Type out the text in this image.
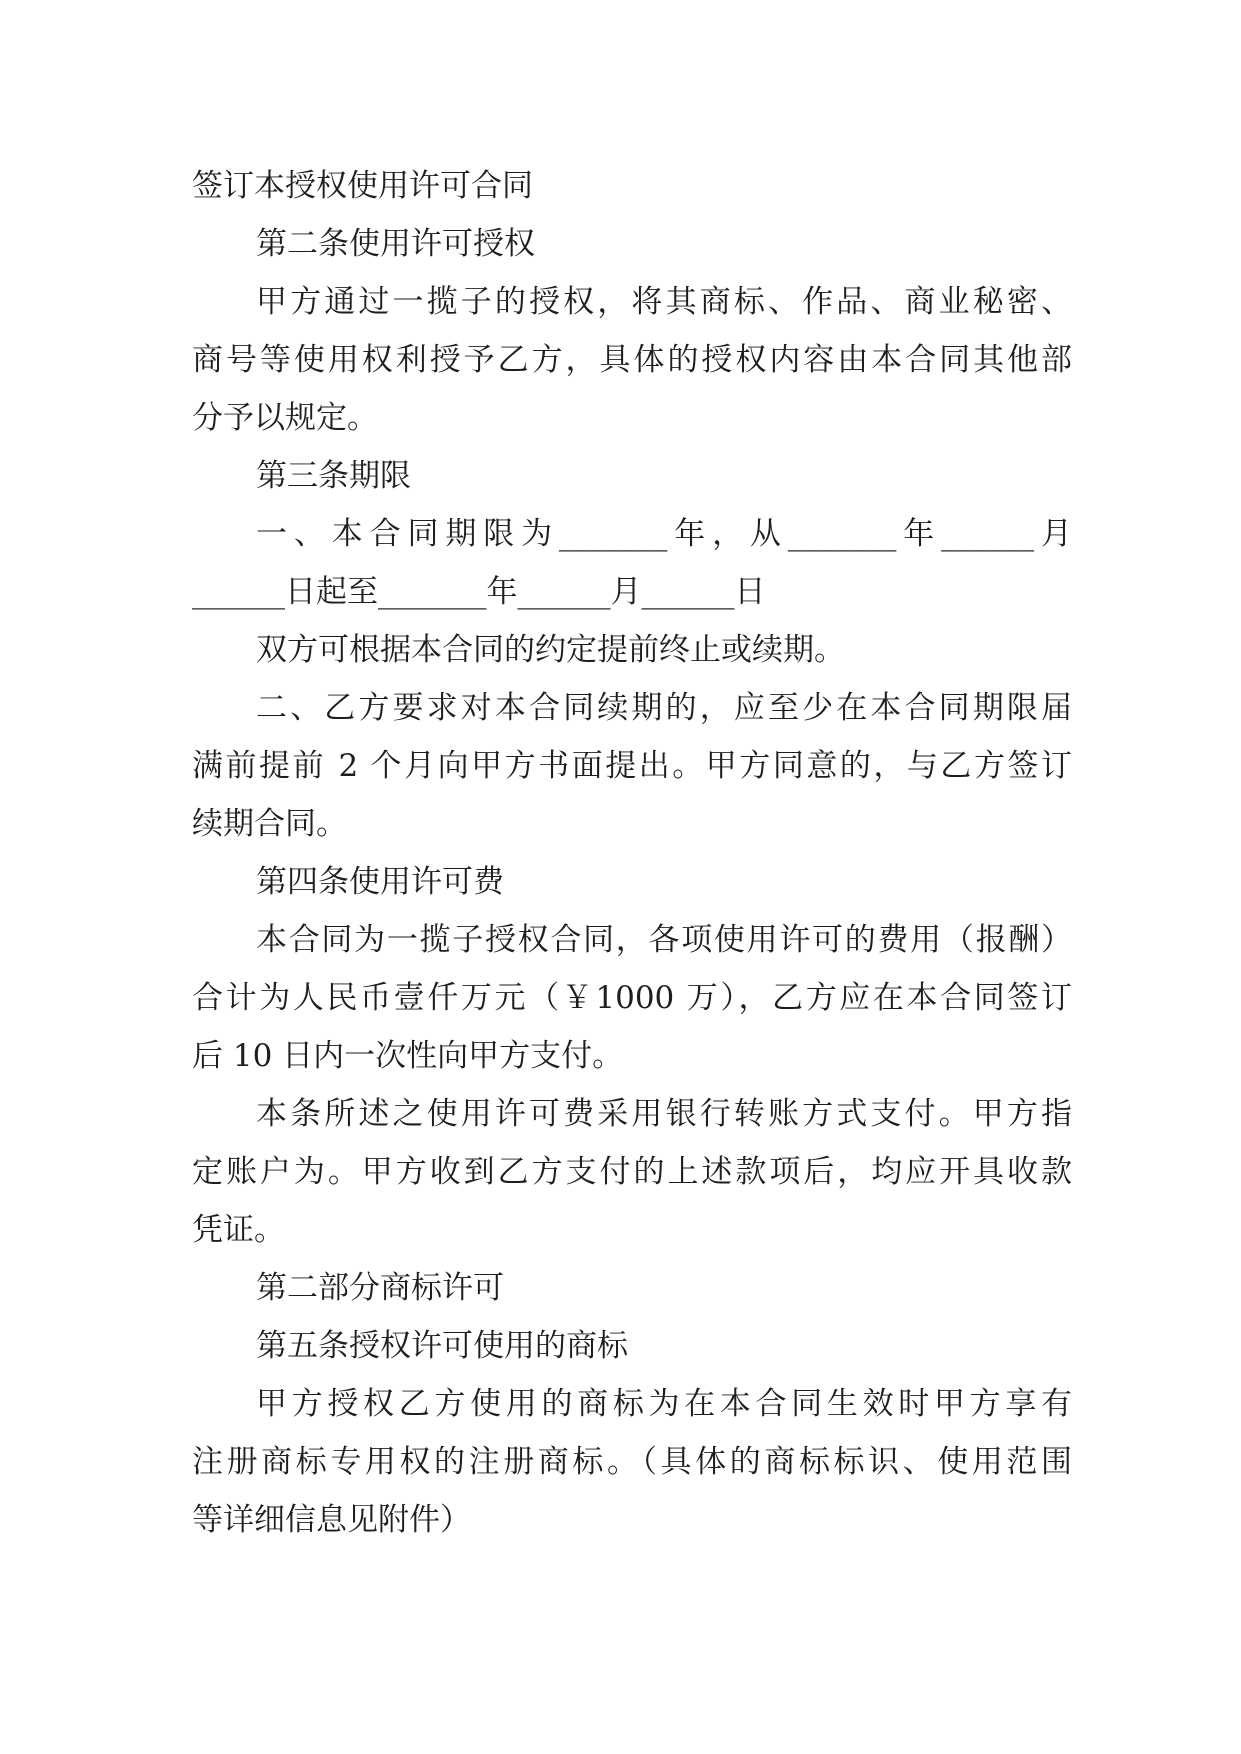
签订本授权使用许可合同
第二条使用许可授权
甲方通过一揽子的授权，将其商标、作品、商业秘密、
商号等使用权利授予乙方，具体的授权内容由本合同其他部
分予以规定。
第三条期限
一、本合同期限为_______年，从_______年______月
______日起至_______年______月______日
双方可根据本合同的约定提前终止或续期。
二、乙方要求对本合同续期的，应至少在本合同期限届
满前提前 2 个月向甲方书面提出。甲方同意的，与乙方签订
续期合同。
第四条使用许可费
本合同为一揽子授权合同，各项使用许可的费用（报酬）
合计为人民币壹仟万元（￥1000 万），乙方应在本合同签订
后 10 日内一次性向甲方支付。
本条所述之使用许可费采用银行转账方式支付。甲方指
定账户为。甲方收到乙方支付的上述款项后，均应开具收款
凭证。
第二部分商标许可
第五条授权许可使用的商标
甲方授权乙方使用的商标为在本合同生效时甲方享有
注册商标专用权的注册商标。（具体的商标标识、使用范围
等详细信息见附件）
